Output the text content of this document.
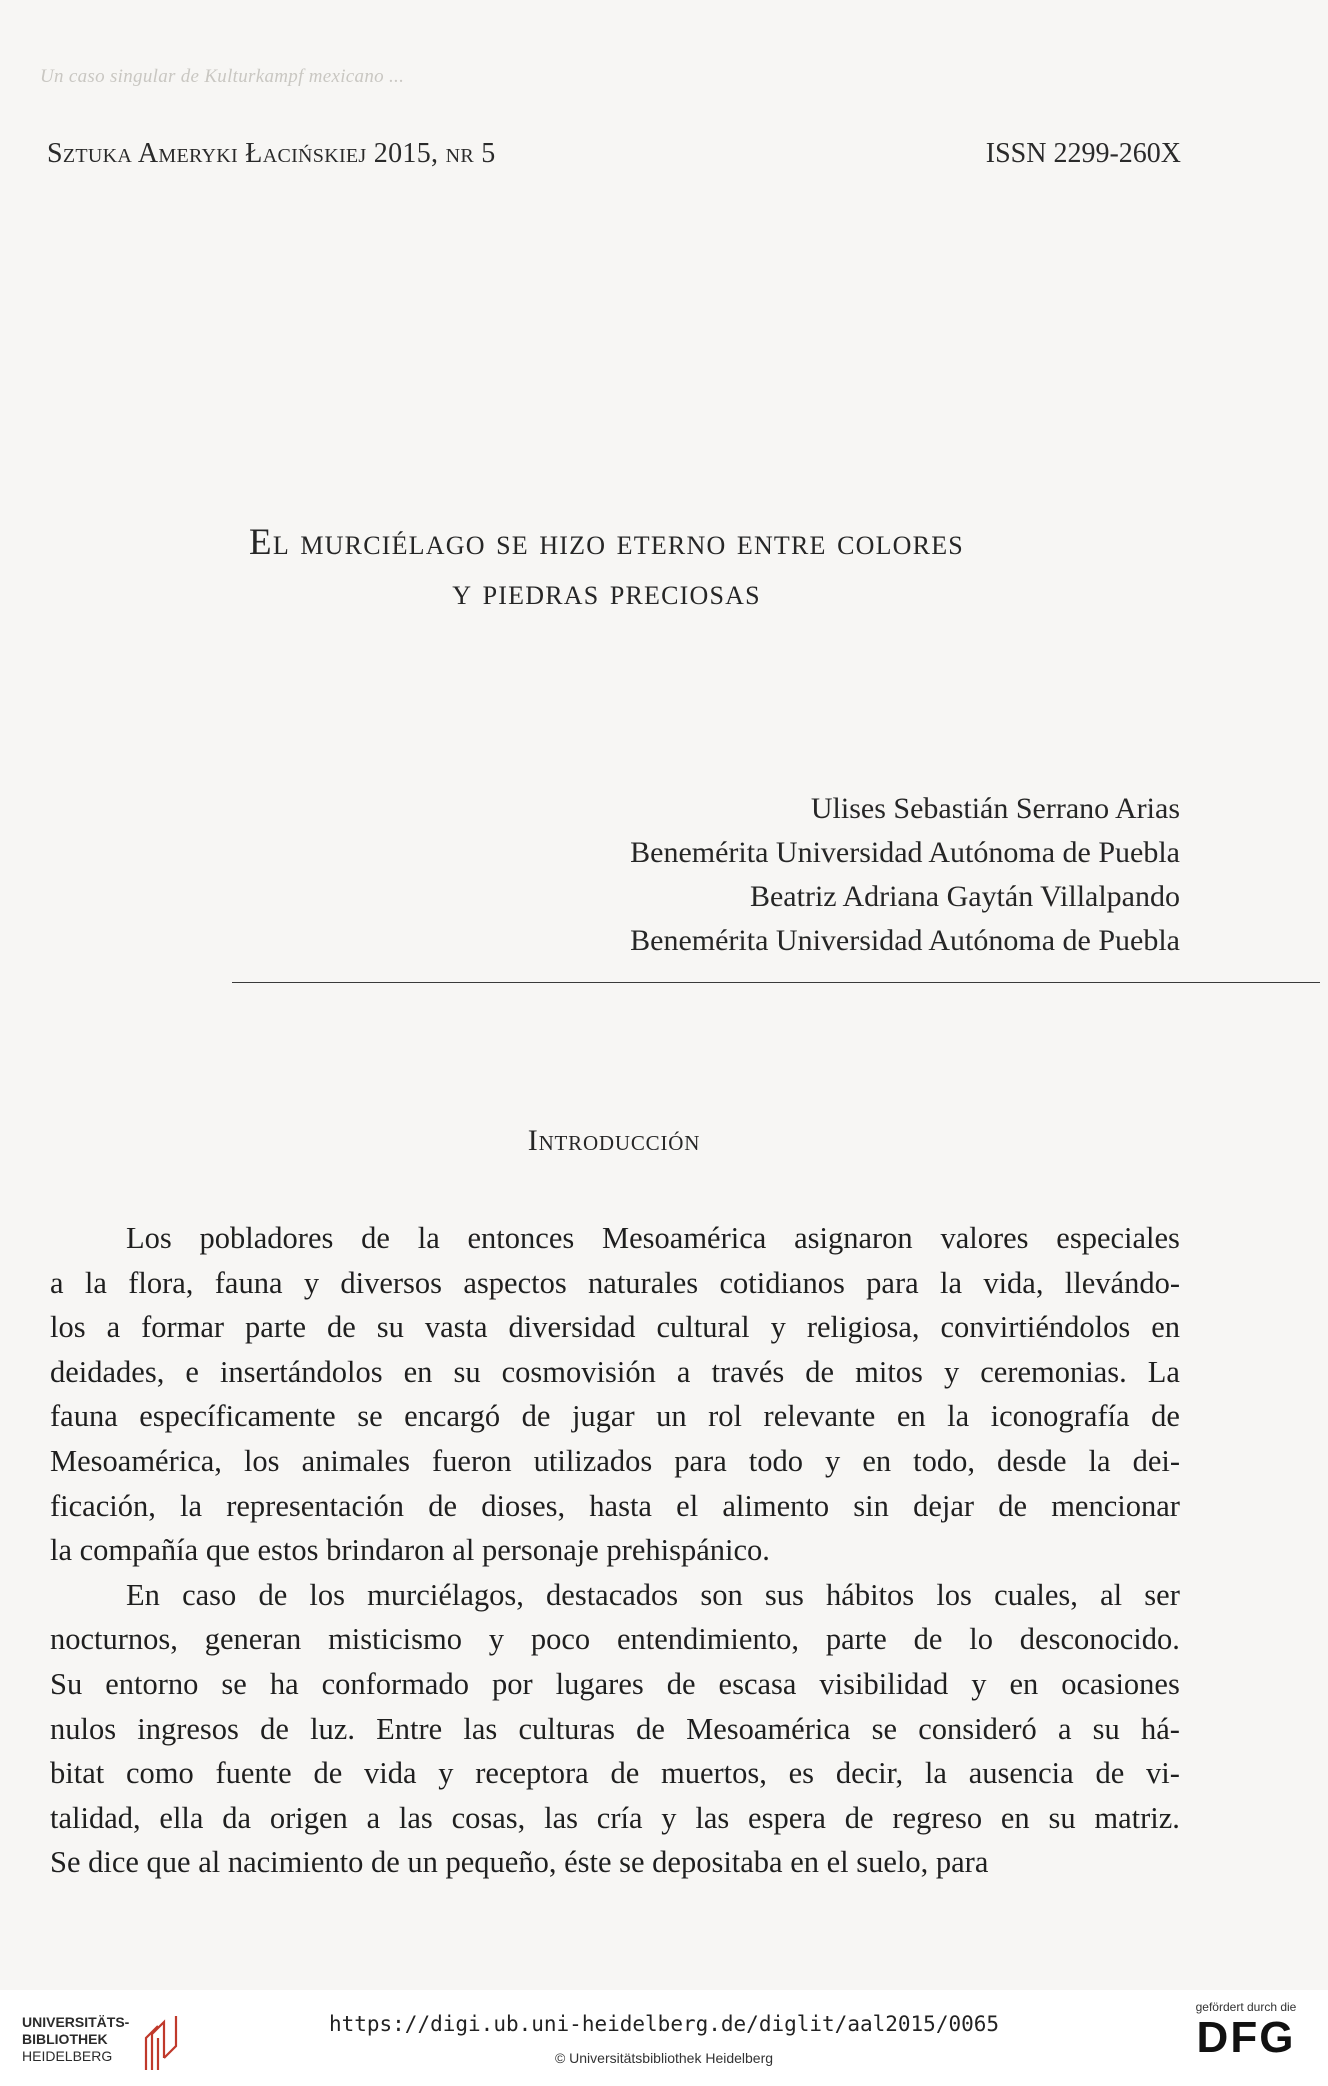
Un caso singular de Kulturkampf mexicano ...
Sztuka Ameryki Łacińskiej 2015, nr 5	ISSN 2299-260X
El murciélago se hizo eterno entre colores
y piedras preciosas
Ulises Sebastián Serrano Arias
Benemérita Universidad Autónoma de Puebla
Beatriz Adriana Gaytán Villalpando
Benemérita Universidad Autónoma de Puebla
Introducción
Los pobladores de la entonces Mesoamérica asignaron valores especiales
a la flora, fauna y diversos aspectos naturales cotidianos para la vida, llevándo-
los a formar parte de su vasta diversidad cultural y religiosa, convirtiéndolos en
deidades, e insertándolos en su cosmovisión a través de mitos y ceremonias. La
fauna específicamente se encargó de jugar un rol relevante en la iconografía de
Mesoamérica, los animales fueron utilizados para todo y en todo, desde la dei-
ficación, la representación de dioses, hasta el alimento sin dejar de mencionar
la compañía que estos brindaron al personaje prehispánico.
En caso de los murciélagos, destacados son sus hábitos los cuales, al ser
nocturnos, generan misticismo y poco entendimiento, parte de lo desconocido.
Su entorno se ha conformado por lugares de escasa visibilidad y en ocasiones
nulos ingresos de luz. Entre las culturas de Mesoamérica se consideró a su há-
bitat como fuente de vida y receptora de muertos, es decir, la ausencia de vi-
talidad, ella da origen a las cosas, las cría y las espera de regreso en su matriz.
Se dice que al nacimiento de un pequeño, éste se depositaba en el suelo, para
UNIVERSITÄTS-
BIBLIOTHEK
HEIDELBERG
https://digi.ub.uni-heidelberg.de/diglit/aal2015/0065
© Universitätsbibliothek Heidelberg
gefördert durch die
DFG
